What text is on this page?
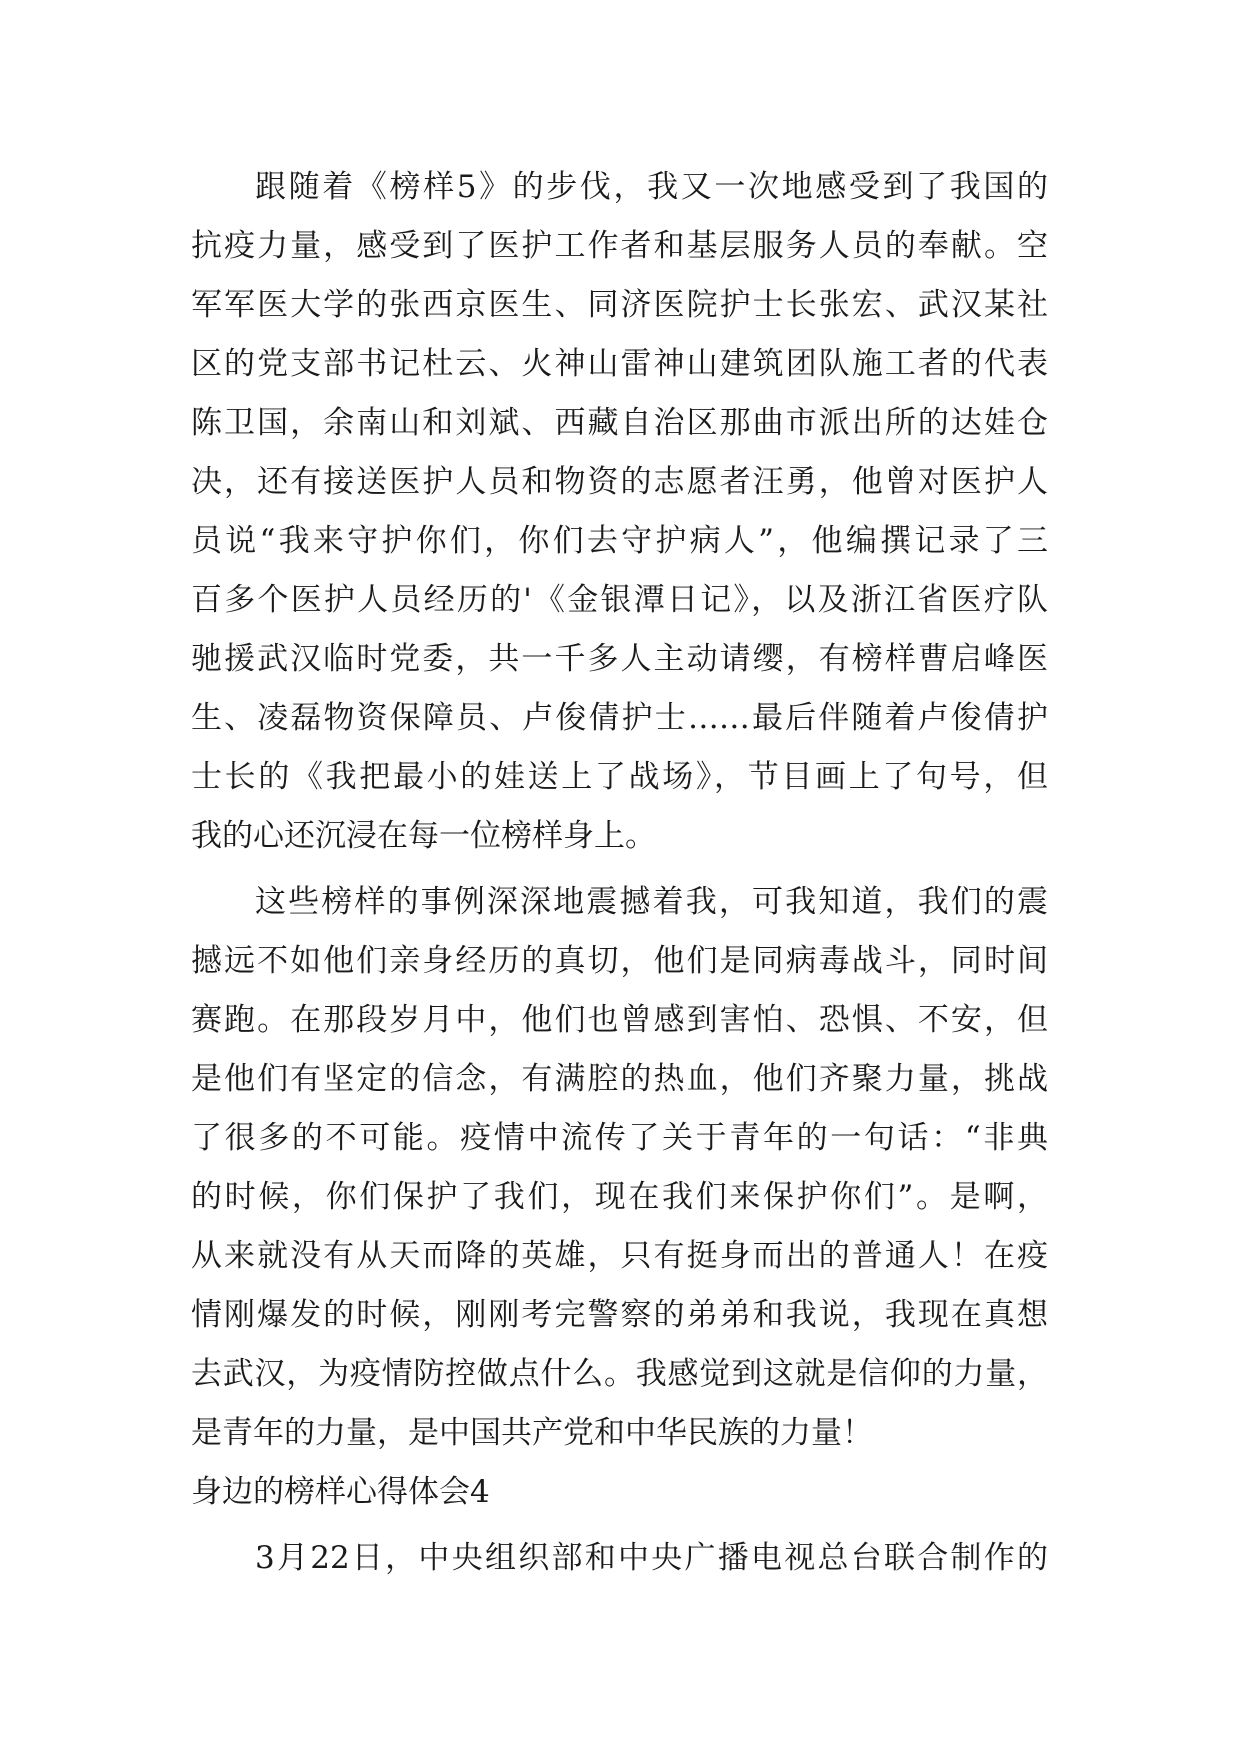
跟随着《榜样5》的步伐，我又一次地感受到了我国的
抗疫力量，感受到了医护工作者和基层服务人员的奉献。空
军军医大学的张西京医生、同济医院护士长张宏、武汉某社
区的党支部书记杜云、火神山雷神山建筑团队施工者的代表
陈卫国，余南山和刘斌、西藏自治区那曲市派出所的达娃仓
决，还有接送医护人员和物资的志愿者汪勇，他曾对医护人
员说“我来守护你们，你们去守护病人”，他编撰记录了三
百多个医护人员经历的'《金银潭日记》，以及浙江省医疗队
驰援武汉临时党委，共一千多人主动请缨，有榜样曹启峰医
生、凌磊物资保障员、卢俊倩护士……最后伴随着卢俊倩护
士长的《我把最小的娃送上了战场》，节目画上了句号，但
我的心还沉浸在每一位榜样身上。
这些榜样的事例深深地震撼着我，可我知道，我们的震
撼远不如他们亲身经历的真切，他们是同病毒战斗，同时间
赛跑。在那段岁月中，他们也曾感到害怕、恐惧、不安，但
是他们有坚定的信念，有满腔的热血，他们齐聚力量，挑战
了很多的不可能。疫情中流传了关于青年的一句话：“非典
的时候，你们保护了我们，现在我们来保护你们”。是啊，
从来就没有从天而降的英雄，只有挺身而出的普通人！在疫
情刚爆发的时候，刚刚考完警察的弟弟和我说，我现在真想
去武汉，为疫情防控做点什么。我感觉到这就是信仰的力量，
是青年的力量，是中国共产党和中华民族的力量！
身边的榜样心得体会4
3月22日，中央组织部和中央广播电视总台联合制作的
